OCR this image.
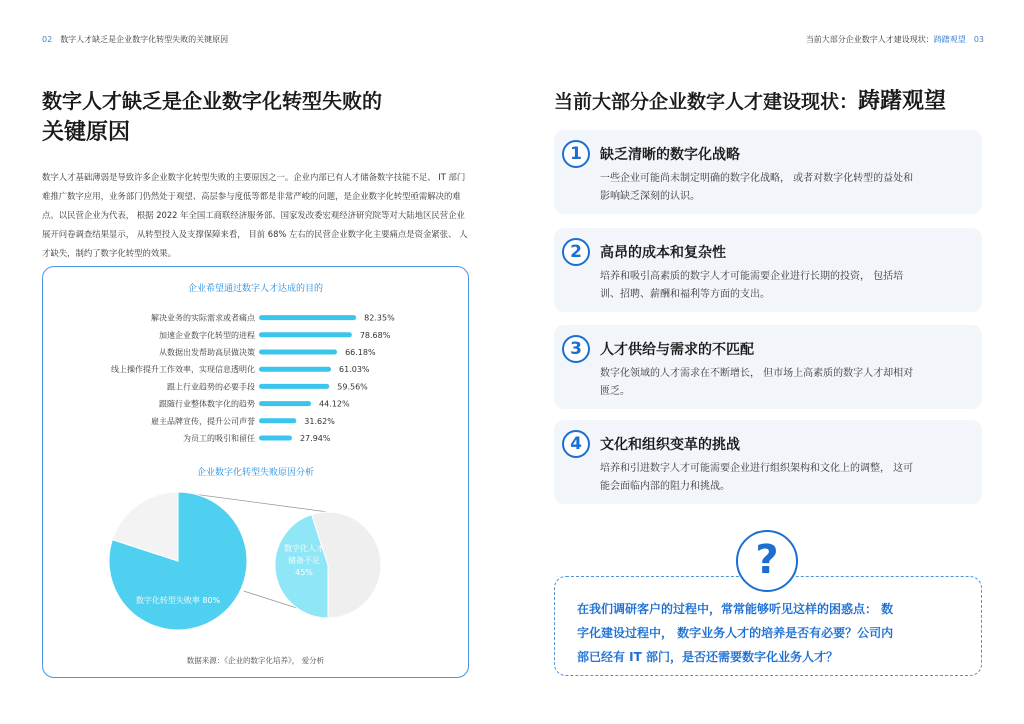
02 数字人才缺乏是企业数字化转型失败的关键原因
数字人才缺乏是企业数字化转型失败的
关键原因
数字人才基础薄弱是导致许多企业数字化转型失败的主要原因之一。企业内部已有人才储备数字技能不足、 IT 部门
难推广数字应用，业务部门仍然处于观望、高层参与度低等都是非常严峻的问题，是企业数字化转型亟需解决的难
点。以民营企业为代表， 根据 2022 年全国工商联经济服务部、国家发改委宏观经济研究院等对大陆地区民营企业
展开问卷调查结果显示， 从转型投入及支撑保障来看， 目前 68% 左右的民营企业数字化主要痛点是资金紧张、 人
才缺失，制约了数字化转型的效果。
企业希望通过数字人才达成的目的
解决业务的实际需求或者痛点	82.35%
加速企业数字化转型的进程	78.68%
从数据出发帮助高层做决策	66.18%
线上操作提升工作效率，实现信息透明化	61.03%
跟上行业趋势的必要手段	59.56%
跟随行业整体数字化的趋势	44.12%
雇主品牌宣传，提升公司声誉	31.62%
为员工的吸引和留任	27.94%
企业数字化转型失败原因分析
数字化转型失败率 80%
数字化人才储备不足 45%
数据来源：《企业的数字化培养》， 爱分析
当前大部分企业数字人才建设现状：踌躇观望 03
当前大部分企业数字人才建设现状：踌躇观望
1	缺乏清晰的数字化战略
一些企业可能尚未制定明确的数字化战略， 或者对数字化转型的益处和
影响缺乏深刻的认识。
2	高昂的成本和复杂性
培养和吸引高素质的数字人才可能需要企业进行长期的投资， 包括培
训、招聘、薪酬和福利等方面的支出。
3	人才供给与需求的不匹配
数字化领域的人才需求在不断增长， 但市场上高素质的数字人才却相对
匮乏。
4	文化和组织变革的挑战
培养和引进数字人才可能需要企业进行组织架构和文化上的调整， 这可
能会面临内部的阻力和挑战。
?
在我们调研客户的过程中，常常能够听见这样的困惑点： 数
字化建设过程中， 数字业务人才的培养是否有必要？公司内
部已经有 IT 部门，是否还需要数字化业务人才？
